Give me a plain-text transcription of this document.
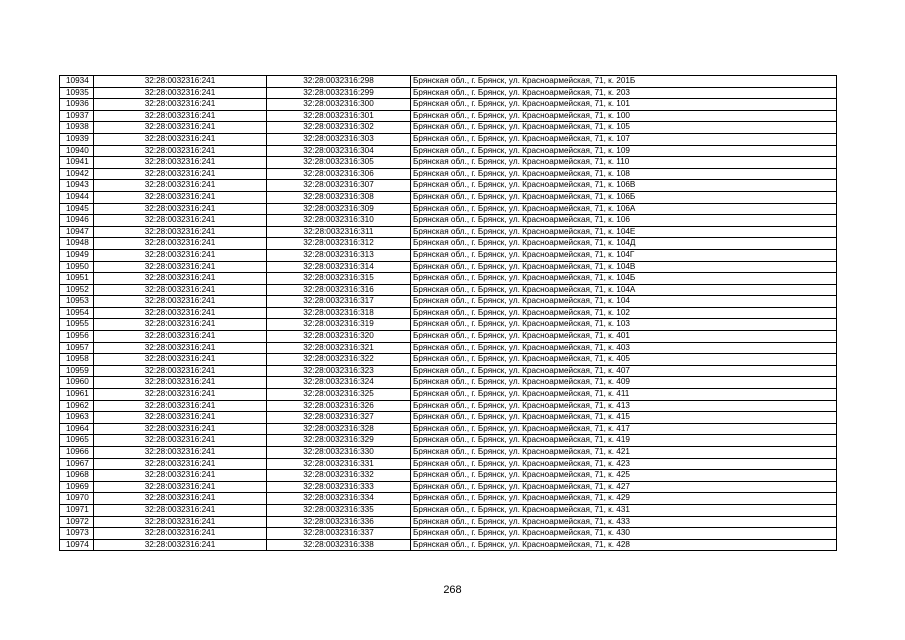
10934	32:28:0032316:241	32:28:0032316:298	Брянская обл., г. Брянск, ул. Красноармейская, 71, к. 201Б
10935	32:28:0032316:241	32:28:0032316:299	Брянская обл., г. Брянск, ул. Красноармейская, 71, к. 203
10936	32:28:0032316:241	32:28:0032316:300	Брянская обл., г. Брянск, ул. Красноармейская, 71, к. 101
10937	32:28:0032316:241	32:28:0032316:301	Брянская обл., г. Брянск, ул. Красноармейская, 71, к. 100
10938	32:28:0032316:241	32:28:0032316:302	Брянская обл., г. Брянск, ул. Красноармейская, 71, к. 105
10939	32:28:0032316:241	32:28:0032316:303	Брянская обл., г. Брянск, ул. Красноармейская, 71, к. 107
10940	32:28:0032316:241	32:28:0032316:304	Брянская обл., г. Брянск, ул. Красноармейская, 71, к. 109
10941	32:28:0032316:241	32:28:0032316:305	Брянская обл., г. Брянск, ул. Красноармейская, 71, к. 110
10942	32:28:0032316:241	32:28:0032316:306	Брянская обл., г. Брянск, ул. Красноармейская, 71, к. 108
10943	32:28:0032316:241	32:28:0032316:307	Брянская обл., г. Брянск, ул. Красноармейская, 71, к. 106В
10944	32:28:0032316:241	32:28:0032316:308	Брянская обл., г. Брянск, ул. Красноармейская, 71, к. 106Б
10945	32:28:0032316:241	32:28:0032316:309	Брянская обл., г. Брянск, ул. Красноармейская, 71, к. 106А
10946	32:28:0032316:241	32:28:0032316:310	Брянская обл., г. Брянск, ул. Красноармейская, 71, к. 106
10947	32:28:0032316:241	32:28:0032316:311	Брянская обл., г. Брянск, ул. Красноармейская, 71, к. 104Е
10948	32:28:0032316:241	32:28:0032316:312	Брянская обл., г. Брянск, ул. Красноармейская, 71, к. 104Д
10949	32:28:0032316:241	32:28:0032316:313	Брянская обл., г. Брянск, ул. Красноармейская, 71, к. 104Г
10950	32:28:0032316:241	32:28:0032316:314	Брянская обл., г. Брянск, ул. Красноармейская, 71, к. 104В
10951	32:28:0032316:241	32:28:0032316:315	Брянская обл., г. Брянск, ул. Красноармейская, 71, к. 104Б
10952	32:28:0032316:241	32:28:0032316:316	Брянская обл., г. Брянск, ул. Красноармейская, 71, к. 104А
10953	32:28:0032316:241	32:28:0032316:317	Брянская обл., г. Брянск, ул. Красноармейская, 71, к. 104
10954	32:28:0032316:241	32:28:0032316:318	Брянская обл., г. Брянск, ул. Красноармейская, 71, к. 102
10955	32:28:0032316:241	32:28:0032316:319	Брянская обл., г. Брянск, ул. Красноармейская, 71, к. 103
10956	32:28:0032316:241	32:28:0032316:320	Брянская обл., г. Брянск, ул. Красноармейская, 71, к. 401
10957	32:28:0032316:241	32:28:0032316:321	Брянская обл., г. Брянск, ул. Красноармейская, 71, к. 403
10958	32:28:0032316:241	32:28:0032316:322	Брянская обл., г. Брянск, ул. Красноармейская, 71, к. 405
10959	32:28:0032316:241	32:28:0032316:323	Брянская обл., г. Брянск, ул. Красноармейская, 71, к. 407
10960	32:28:0032316:241	32:28:0032316:324	Брянская обл., г. Брянск, ул. Красноармейская, 71, к. 409
10961	32:28:0032316:241	32:28:0032316:325	Брянская обл., г. Брянск, ул. Красноармейская, 71, к. 411
10962	32:28:0032316:241	32:28:0032316:326	Брянская обл., г. Брянск, ул. Красноармейская, 71, к. 413
10963	32:28:0032316:241	32:28:0032316:327	Брянская обл., г. Брянск, ул. Красноармейская, 71, к. 415
10964	32:28:0032316:241	32:28:0032316:328	Брянская обл., г. Брянск, ул. Красноармейская, 71, к. 417
10965	32:28:0032316:241	32:28:0032316:329	Брянская обл., г. Брянск, ул. Красноармейская, 71, к. 419
10966	32:28:0032316:241	32:28:0032316:330	Брянская обл., г. Брянск, ул. Красноармейская, 71, к. 421
10967	32:28:0032316:241	32:28:0032316:331	Брянская обл., г. Брянск, ул. Красноармейская, 71, к. 423
10968	32:28:0032316:241	32:28:0032316:332	Брянская обл., г. Брянск, ул. Красноармейская, 71, к. 425
10969	32:28:0032316:241	32:28:0032316:333	Брянская обл., г. Брянск, ул. Красноармейская, 71, к. 427
10970	32:28:0032316:241	32:28:0032316:334	Брянская обл., г. Брянск, ул. Красноармейская, 71, к. 429
10971	32:28:0032316:241	32:28:0032316:335	Брянская обл., г. Брянск, ул. Красноармейская, 71, к. 431
10972	32:28:0032316:241	32:28:0032316:336	Брянская обл., г. Брянск, ул. Красноармейская, 71, к. 433
10973	32:28:0032316:241	32:28:0032316:337	Брянская обл., г. Брянск, ул. Красноармейская, 71, к. 430
10974	32:28:0032316:241	32:28:0032316:338	Брянская обл., г. Брянск, ул. Красноармейская, 71, к. 428
268
